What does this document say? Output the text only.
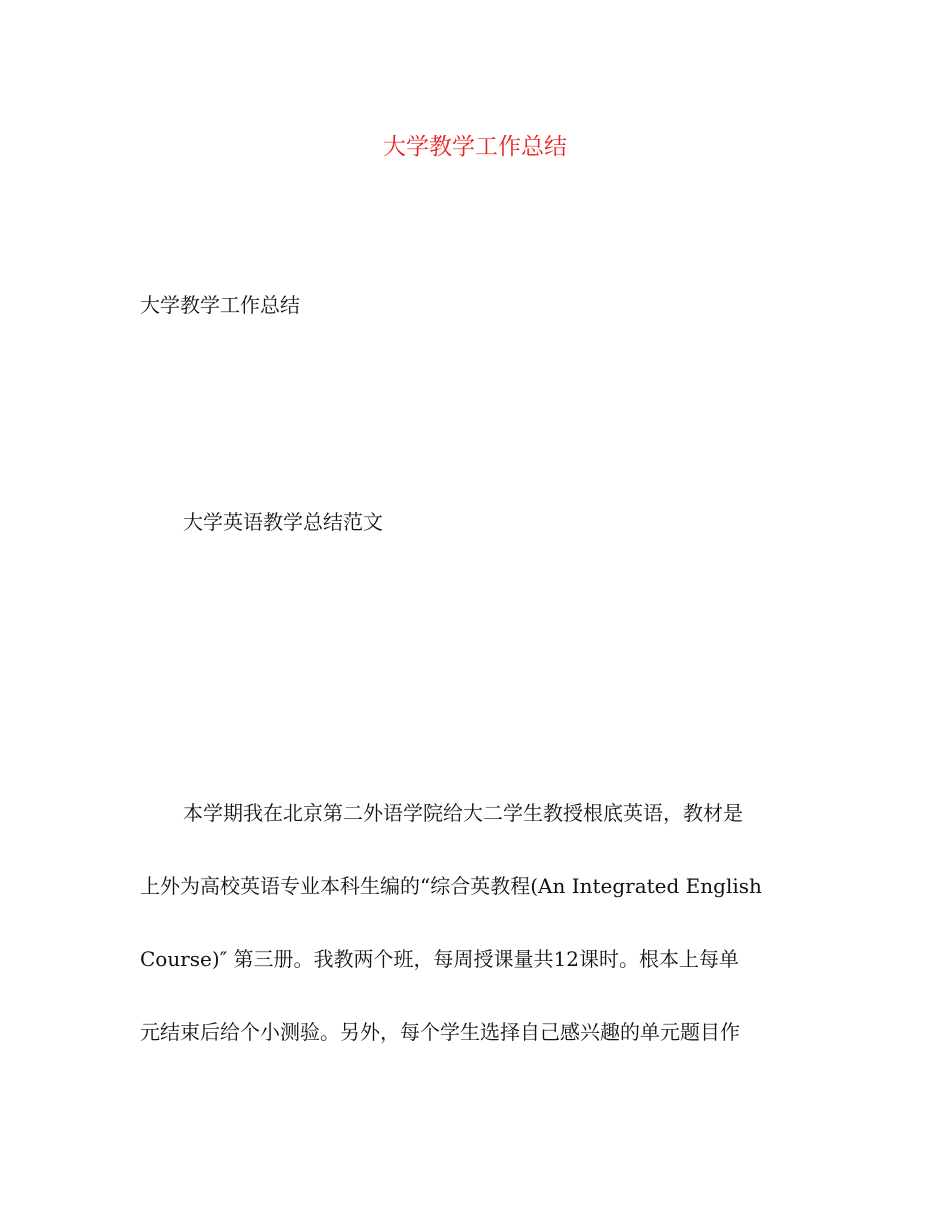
大学教学工作总结

大学教学工作总结

大学英语教学总结范文

本学期我在北京第二外语学院给大二学生教授根底英语，教材是

上外为高校英语专业本科生编的“综合英教程(An Integrated English

Course)″ 第三册。我教两个班，每周授课量共12课时。根本上每单

元结束后给个小测验。另外，每个学生选择自己感兴趣的单元题目作
